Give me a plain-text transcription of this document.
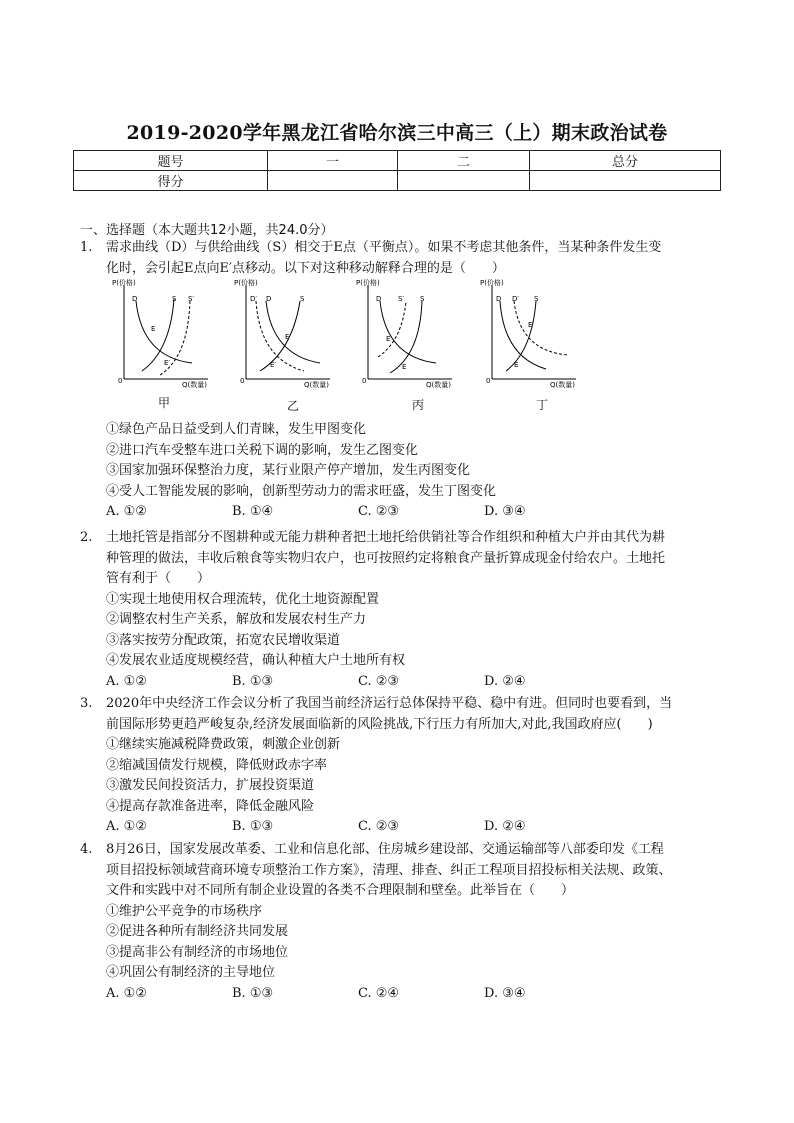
2019-2020学年黑龙江省哈尔滨三中高三（上）期末政治试卷
题号	一	二	总分
得分			
一、选择题（本大题共12小题，共24.0分）
1. 需求曲线（D）与供给曲线（S）相交于E点（平衡点）。如果不考虑其他条件，当某种条件发生变
化时，会引起E点向E′点移动。以下对这种移动解释合理的是（　　）
P(价格)
D	S S′
E
E′
0	Q(数量)
甲
P(价格)
D′ D	S
E
E′
0	Q(数量)
乙
P(价格)
D S′ S
E′
E
0	Q(数量)
丙
P(价格)
D D′ S
E′
E
0	Q(数量)
丁
①绿色产品日益受到人们青睐，发生甲图变化
②进口汽车受整车进口关税下调的影响，发生乙图变化
③国家加强环保整治力度，某行业限产停产增加，发生丙图变化
④受人工智能发展的影响，创新型劳动力的需求旺盛，发生丁图变化
A. ①②	B. ①④	C. ②③	D. ③④
2. 土地托管是指部分不图耕种或无能力耕种者把土地托给供销社等合作组织和种植大户并由其代为耕
种管理的做法，丰收后粮食等实物归农户，也可按照约定将粮食产量折算成现金付给农户。土地托
管有利于（　　）
①实现土地使用权合理流转，优化土地资源配置
②调整农村生产关系，解放和发展农村生产力
③落实按劳分配政策，拓宽农民增收渠道
④发展农业适度规模经营，确认种植大户土地所有权
A. ①②	B. ①③	C. ②③	D. ②④
3. 2020年中央经济工作会议分析了我国当前经济运行总体保持平稳、稳中有进。但同时也要看到，当
前国际形势更趋严峻复杂,经济发展面临新的风险挑战,下行压力有所加大,对此,我国政府应(　　)
①继续实施减税降费政策，刺激企业创新
②缩减国债发行规模，降低财政赤字率
③激发民间投资活力，扩展投资渠道
④提高存款准备进率，降低金融风险
A. ①②	B. ①③	C. ②③	D. ②④
4. 8月26日，国家发展改革委、工业和信息化部、住房城乡建设部、交通运输部等八部委印发《工程
项目招投标领域营商环境专项整治工作方案》，清理、排查、纠正工程项目招投标相关法规、政策、
文件和实践中对不同所有制企业设置的各类不合理限制和壁垒。此举旨在（　　）
①维护公平竞争的市场秩序
②促进各种所有制经济共同发展
③提高非公有制经济的市场地位
④巩固公有制经济的主导地位
A. ①②	B. ①③	C. ②④	D. ③④
